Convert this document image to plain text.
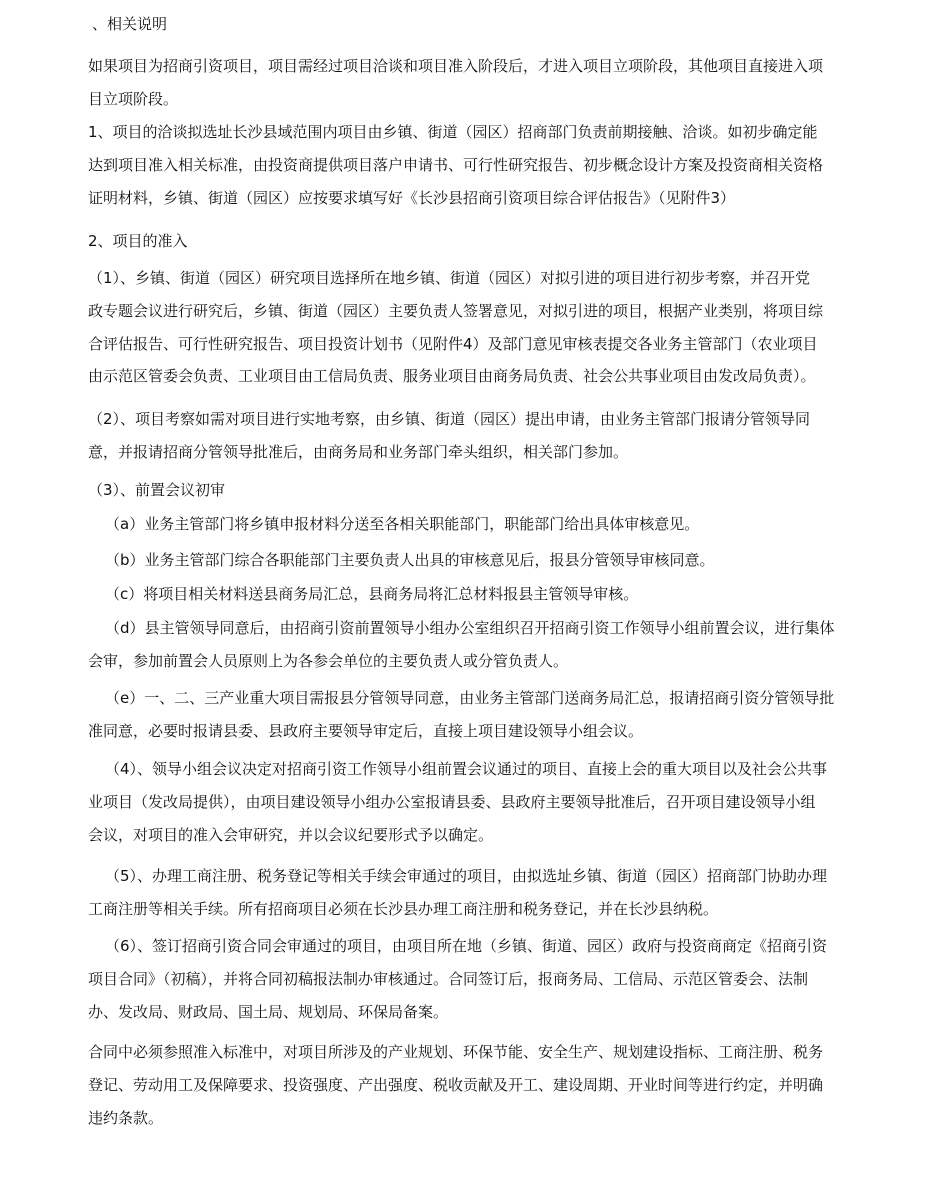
、相关说明
如果项目为招商引资项目，项目需经过项目洽谈和项目准入阶段后，才进入项目立项阶段，其他项目直接进入项
目立项阶段。
1、项目的洽谈拟选址长沙县域范围内项目由乡镇、街道（园区）招商部门负责前期接触、洽谈。如初步确定能
达到项目准入相关标准，由投资商提供项目落户申请书、可行性研究报告、初步概念设计方案及投资商相关资格
证明材料，乡镇、街道（园区）应按要求填写好《长沙县招商引资项目综合评估报告》（见附件3）
2、项目的准入
（1）、乡镇、街道（园区）研究项目选择所在地乡镇、街道（园区）对拟引进的项目进行初步考察，并召开党
政专题会议进行研究后，乡镇、街道（园区）主要负责人签署意见，对拟引进的项目，根据产业类别，将项目综
合评估报告、可行性研究报告、项目投资计划书（见附件4）及部门意见审核表提交各业务主管部门（农业项目
由示范区管委会负责、工业项目由工信局负责、服务业项目由商务局负责、社会公共事业项目由发改局负责）。
（2）、项目考察如需对项目进行实地考察，由乡镇、街道（园区）提出申请，由业务主管部门报请分管领导同
意，并报请招商分管领导批准后，由商务局和业务部门牵头组织，相关部门参加。
（3）、前置会议初审
（a）业务主管部门将乡镇申报材料分送至各相关职能部门，职能部门给出具体审核意见。
（b）业务主管部门综合各职能部门主要负责人出具的审核意见后，报县分管领导审核同意。
（c）将项目相关材料送县商务局汇总，县商务局将汇总材料报县主管领导审核。
（d）县主管领导同意后，由招商引资前置领导小组办公室组织召开招商引资工作领导小组前置会议，进行集体
会审，参加前置会人员原则上为各参会单位的主要负责人或分管负责人。
（e）一、二、三产业重大项目需报县分管领导同意，由业务主管部门送商务局汇总，报请招商引资分管领导批
准同意，必要时报请县委、县政府主要领导审定后，直接上项目建设领导小组会议。
（4）、领导小组会议决定对招商引资工作领导小组前置会议通过的项目、直接上会的重大项目以及社会公共事
业项目（发改局提供），由项目建设领导小组办公室报请县委、县政府主要领导批准后，召开项目建设领导小组
会议，对项目的准入会审研究，并以会议纪要形式予以确定。
（5）、办理工商注册、税务登记等相关手续会审通过的项目，由拟选址乡镇、街道（园区）招商部门协助办理
工商注册等相关手续。所有招商项目必须在长沙县办理工商注册和税务登记，并在长沙县纳税。
（6）、签订招商引资合同会审通过的项目，由项目所在地（乡镇、街道、园区）政府与投资商商定《招商引资
项目合同》（初稿），并将合同初稿报法制办审核通过。合同签订后，报商务局、工信局、示范区管委会、法制
办、发改局、财政局、国土局、规划局、环保局备案。
合同中必须参照准入标准中，对项目所涉及的产业规划、环保节能、安全生产、规划建设指标、工商注册、税务
登记、劳动用工及保障要求、投资强度、产出强度、税收贡献及开工、建设周期、开业时间等进行约定，并明确
违约条款。
